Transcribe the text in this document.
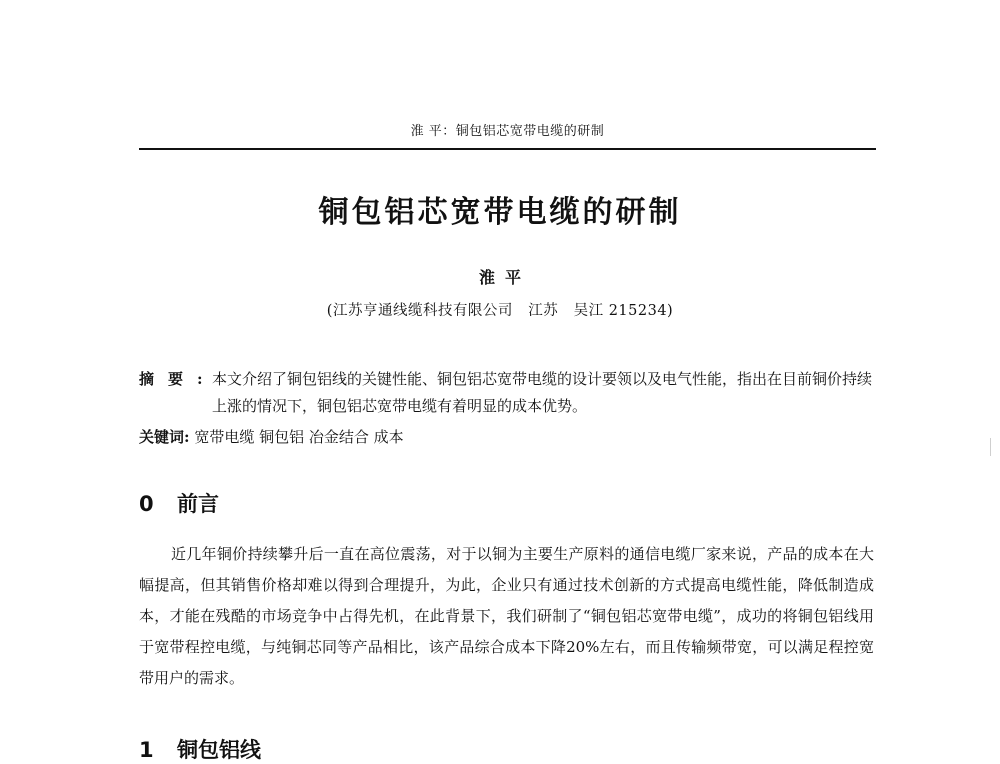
淮 平：铜包铝芯宽带电缆的研制
铜包铝芯宽带电缆的研制
淮平
(江苏亨通线缆科技有限公司   江苏   吴江 215234)
摘要:
本文介绍了铜包铝线的关键性能、铜包铝芯宽带电缆的设计要领以及电气性能，指出在目前铜价持续上涨的情况下，铜包铝芯宽带电缆有着明显的成本优势。
关键词: 宽带电缆 铜包铝 冶金结合 成本
0 前言

近几年铜价持续攀升后一直在高位震荡，对于以铜为主要生产原料的通信电缆厂家来说，产品的成本在大幅提高，但其销售价格却难以得到合理提升，为此，企业只有通过技术创新的方式提高电缆性能，降低制造成本，才能在残酷的市场竞争中占得先机，在此背景下，我们研制了“铜包铝芯宽带电缆”，成功的将铜包铝线用于宽带程控电缆，与纯铜芯同等产品相比，该产品综合成本下降20%左右，而且传输频带宽，可以满足程控宽带用户的需求。

1 铜包铝线
